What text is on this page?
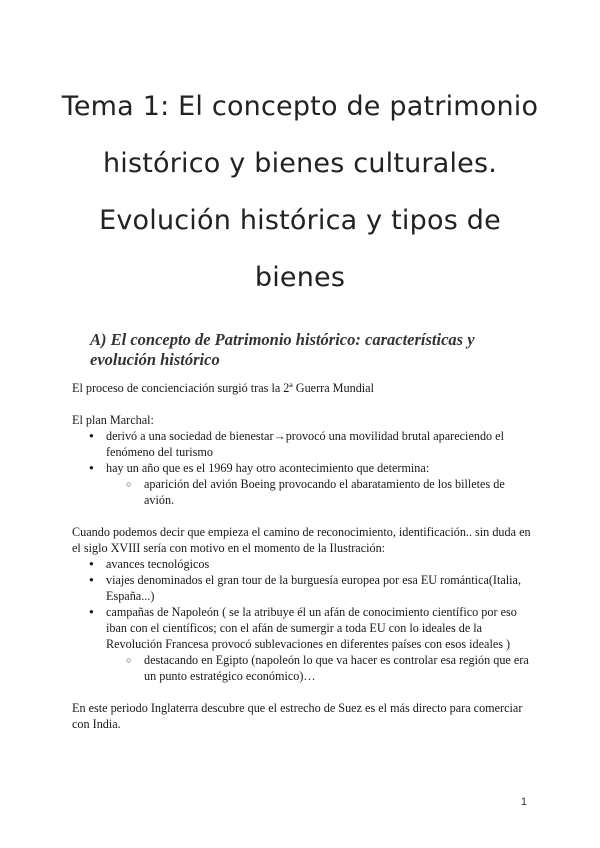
Tema 1: El concepto de patrimonio
histórico y bienes culturales.
Evolución histórica y tipos de
bienes
A) El concepto de Patrimonio histórico: características y evolución histórico

El proceso de concienciación surgió tras la 2ª Guerra Mundial

El plan Marchal:

● derivó a una sociedad de bienestar→provocó una movilidad brutal apareciendo el fenómeno del turismo
● hay un año que es el 1969 hay otro acontecimiento que determina:
○ aparición del avión Boeing provocando el abaratamiento de los billetes de avión.

Cuando podemos decir que empieza el camino de reconocimiento, identificación.. sin duda en el siglo XVIII sería con motivo en el momento de la Ilustración:

● avances tecnológicos
● viajes denominados el gran tour de la burguesía europea por esa EU romántica(Italia, España...)
● campañas de Napoleón ( se la atribuye él un afán de conocimiento científico por eso iban con el científicos; con el afán de sumergir a toda EU con lo ideales de la Revolución Francesa provocó sublevaciones en diferentes países con esos ideales )
○ destacando en Egipto (napoleón lo que va hacer es controlar esa región que era un punto estratégico económico)…

En este periodo Inglaterra descubre que el estrecho de Suez es el más directo para comerciar con India.

1
